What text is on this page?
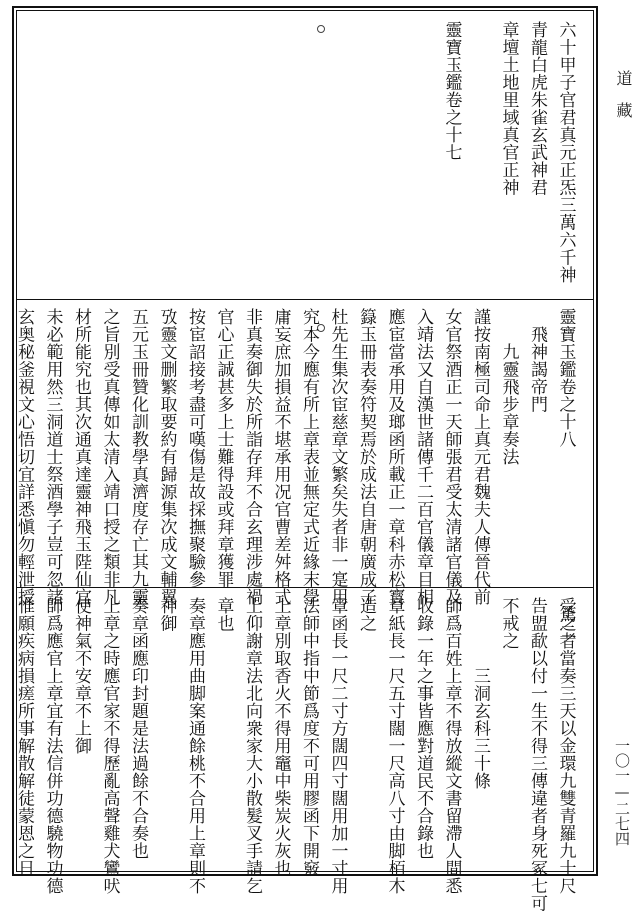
道　藏
一〇一—二七四
六十甲子官君真元正炁三萬六千神
青龍白虎朱雀玄武神君
章壇土地里域真官正神
靈寶玉鑑卷之十七
靈寶玉鑑卷之十八　　　　　　　　　篤二
　飛神謁帝門
　　九靈飛步章奏法
謹按南極司命上真元君魏夫人傳晉代前
女官祭酒正一天師張君受太清諸官儀及
入靖法又自漢世諸傳千二百官儀章目相
應宦當承用及瑯函所載正一章科赤松寳
籙玉冊表奏符契焉於成法自唐朝廣成子
杜先生集次宦慈章文繁矣失者非一寔用
究本今應有所上章表並無定式近緣末學
庸妄庶加損益不堪承用况官曹差舛格式
非真奏御失於所詣存拜不合玄理涉處禍
官心正誠甚多上士難得設或拜章獲罪
按宦詔接考盡可嘆傷是故採撫聚驗參
攷靈文删繁取要約有歸源集次成文輔翼
五元玉冊贊化訓教學真濟度存亡其九靈
之旨別受真傳如太清入靖口授之類非凡
材所能究也其次通真達靈神飛玉陛仙官
未必範用然三洞道士祭酒學子豈可忽諸
玄奥秘釜視文心悟切宜詳悉愼勿輕泄授
受之者當奏三天以金環九雙青羅九十尺
告盟歃以付一生不得三傳違者身死冢七可
不戒之
　　　　三洞玄科三十條
師爲百姓上章不得放縱文書留滯人間悉
收錄一年之事皆應對道民不合錄也
章紙長一尺五寸闊一尺高八寸由脚栢木
造之
章函長一尺二寸方闊四寸闊用加一寸用
法師中指中節爲度不可用膠函下開竅
上章別取香火不得用竈中柴炭火灰也
上仰謝章法北向衆家大小散髮叉手請乞
章也
奏章應用曲脚案通餘桃不合用上章則不
神御
奏章函應印封題是法過餘不合奏也
上章之時應官家不得歷亂高聲雞犬鸞吠
使神氣不安章不上御
師爲應官上章宜有法信併功德驍物功德
惟願疾病損瘥所事解散解徒蒙恩之日
